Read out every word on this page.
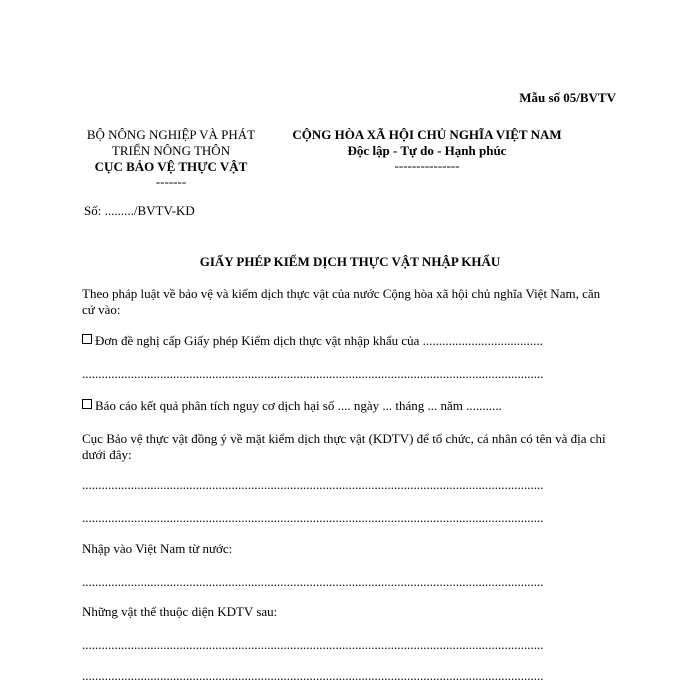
Mẫu số 05/BVTV
BỘ NÔNG NGHIỆP VÀ PHÁT
TRIỂN NÔNG THÔN
CỤC BẢO VỆ THỰC VẬT
-------
Số: ........./BVTV-KD
CỘNG HÒA XÃ HỘI CHỦ NGHĨA VIỆT NAM
Độc lập - Tự do - Hạnh phúc
---------------
GIẤY PHÉP KIỂM DỊCH THỰC VẬT NHẬP KHẨU
Theo pháp luật về bảo vệ và kiểm dịch thực vật của nước Cộng hòa xã hội chủ nghĩa Việt Nam, căn cứ vào:
Đơn đề nghị cấp Giấy phép Kiểm dịch thực vật nhập khẩu của .....................................
..............................................................................................................................................
Báo cáo kết quả phân tích nguy cơ dịch hại số .... ngày ... tháng ... năm ...........
Cục Bảo vệ thực vật đồng ý về mặt kiểm dịch thực vật (KDTV) để tổ chức, cá nhân có tên và địa chỉ dưới đây:
..............................................................................................................................................
..............................................................................................................................................
Nhập vào Việt Nam từ nước:
..............................................................................................................................................
Những vật thể thuộc diện KDTV sau:
..............................................................................................................................................
..............................................................................................................................................
